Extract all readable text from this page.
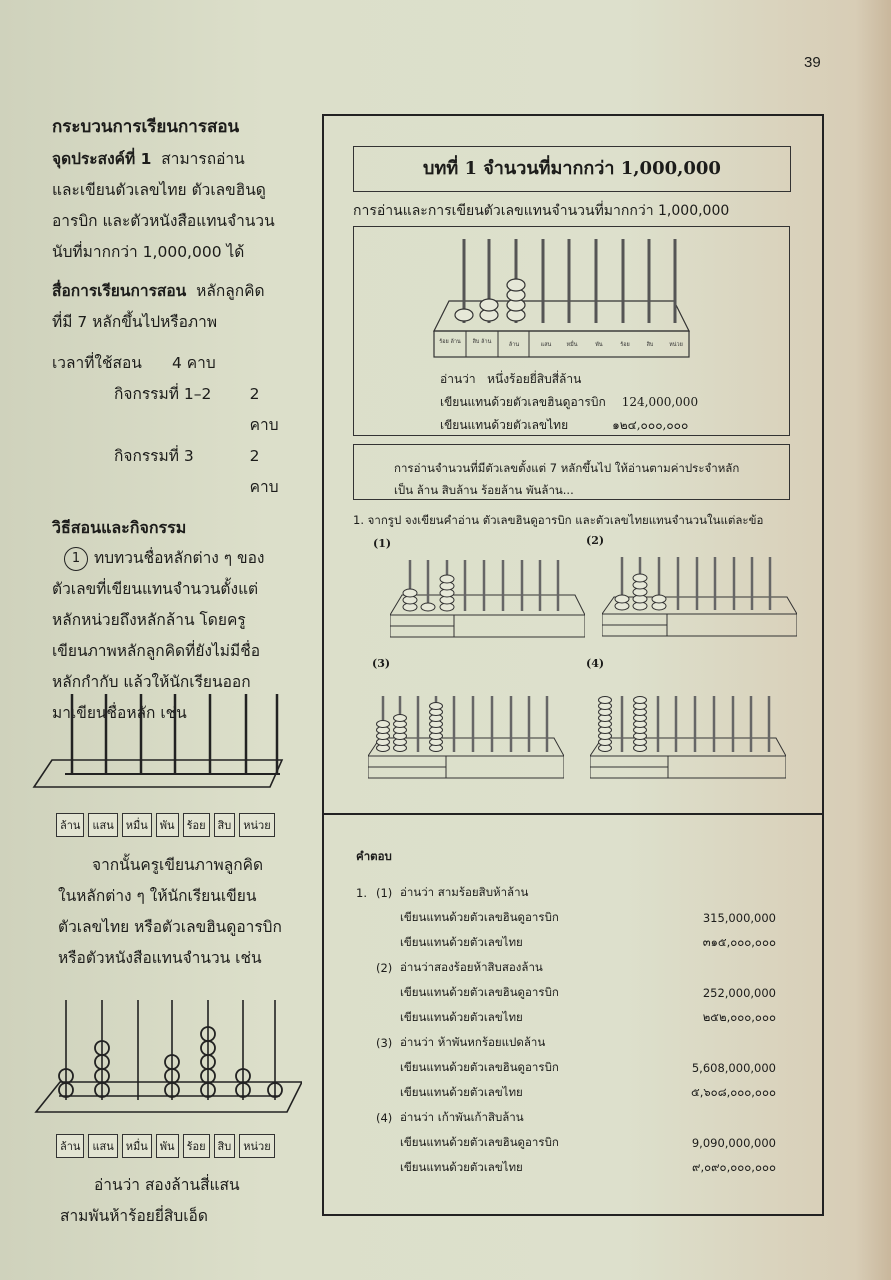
39
กระบวนการเรียนการสอน
จุดประสงค์ที่ 1 สามารถอ่าน
และเขียนตัวเลขไทย ตัวเลขฮินดู
อารบิก และตัวหนังสือแทนจำนวน
นับที่มากกว่า 1,000,000 ได้
สื่อการเรียนการสอน หลักลูกคิด
ที่มี 7 หลักขึ้นไปหรือภาพ
เวลาที่ใช้สอน	4 คาบ
กิจกรรมที่ 1–2	2 คาบ
กิจกรรมที่ 3	2 คาบ
วิธีสอนและกิจกรรม
1 ทบทวนชื่อหลักต่าง ๆ ของ
ตัวเลขที่เขียนแทนจำนวนตั้งแต่
หลักหน่วยถึงหลักล้าน โดยครู
เขียนภาพหลักลูกคิดที่ยังไม่มีชื่อ
หลักกำกับ แล้วให้นักเรียนออก
มาเขียนชื่อหลัก เช่น
ล้าน	แสน	หมื่น	พัน	ร้อย	สิบ	หน่วย
จากนั้นครูเขียนภาพลูกคิด
ในหลักต่าง ๆ ให้นักเรียนเขียน
ตัวเลขไทย หรือตัวเลขฮินดูอารบิก
หรือตัวหนังสือแทนจำนวน เช่น
ล้าน	แสน	หมื่น	พัน	ร้อย	สิบ	หน่วย
อ่านว่า สองล้านสี่แสน
สามพันห้าร้อยยี่สิบเอ็ด
บทที่ 1 จำนวนที่มากกว่า 1,000,000
การอ่านและการเขียนตัวเลขแทนจำนวนที่มากกว่า 1,000,000
ร้อย ล้าน สิบ ล้าน	ล้าน	แสน	หมื่น	พัน	ร้อย	สิบ	หน่วย
อ่านว่า หนึ่งร้อยยี่สิบสี่ล้าน
เขียนแทนด้วยตัวเลขฮินดูอารบิก 124,000,000
เขียนแทนด้วยตัวเลขไทย	๑๒๔,๐๐๐,๐๐๐
การอ่านจำนวนที่มีตัวเลขตั้งแต่ 7 หลักขึ้นไป ให้อ่านตามค่าประจำหลัก
เป็น ล้าน สิบล้าน ร้อยล้าน พันล้าน...
1. จากรูป จงเขียนคำอ่าน ตัวเลขฮินดูอารบิก และตัวเลขไทยแทนจำนวนในแต่ละข้อ
(1)	(2)
(3)	(4)
คำตอบ
1. (1) อ่านว่า สามร้อยสิบห้าล้าน
เขียนแทนด้วยตัวเลขฮินดูอารบิก	315,000,000
เขียนแทนด้วยตัวเลขไทย	๓๑๕,๐๐๐,๐๐๐
(2) อ่านว่าสองร้อยห้าสิบสองล้าน
เขียนแทนด้วยตัวเลขฮินดูอารบิก	252,000,000
เขียนแทนด้วยตัวเลขไทย	๒๕๒,๐๐๐,๐๐๐
(3) อ่านว่า ห้าพันหกร้อยแปดล้าน
เขียนแทนด้วยตัวเลขฮินดูอารบิก	5,608,000,000
เขียนแทนด้วยตัวเลขไทย	๕,๖๐๘,๐๐๐,๐๐๐
(4) อ่านว่า เก้าพันเก้าสิบล้าน
เขียนแทนด้วยตัวเลขฮินดูอารบิก	9,090,000,000
เขียนแทนด้วยตัวเลขไทย	๙,๐๙๐,๐๐๐,๐๐๐
